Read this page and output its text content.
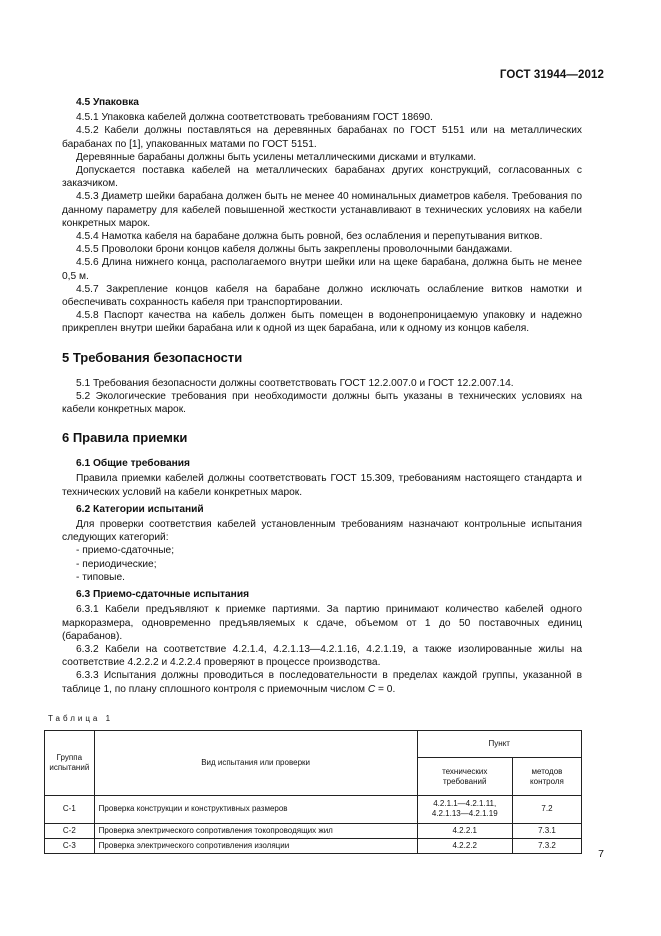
ГОСТ 31944—2012

4.5 Упаковка

4.5.1 Упаковка кабелей должна соответствовать требованиям ГОСТ 18690.

4.5.2 Кабели должны поставляться на деревянных барабанах по ГОСТ 5151 или на металлических барабанах по [1], упакованных матами по ГОСТ 5151.

Деревянные барабаны должны быть усилены металлическими дисками и втулками.

Допускается поставка кабелей на металлических барабанах других конструкций, согласованных с заказчиком.

4.5.3 Диаметр шейки барабана должен быть не менее 40 номинальных диаметров кабеля. Требования по данному параметру для кабелей повышенной жесткости устанавливают в технических условиях на кабели конкретных марок.

4.5.4 Намотка кабеля на барабане должна быть ровной, без ослабления и перепутывания витков.

4.5.5 Проволоки брони концов кабеля должны быть закреплены проволочными бандажами.

4.5.6 Длина нижнего конца, располагаемого внутри шейки или на щеке барабана, должна быть не менее 0,5 м.

4.5.7 Закрепление концов кабеля на барабане должно исключать ослабление витков намотки и обеспечивать сохранность кабеля при транспортировании.

4.5.8 Паспорт качества на кабель должен быть помещен в водонепроницаемую упаковку и надежно прикреплен внутри шейки барабана или к одной из щек барабана, или к одному из концов кабеля.

5 Требования безопасности

5.1 Требования безопасности должны соответствовать ГОСТ 12.2.007.0 и ГОСТ 12.2.007.14.

5.2 Экологические требования при необходимости должны быть указаны в технических условиях на кабели конкретных марок.

6 Правила приемки

6.1 Общие требования

Правила приемки кабелей должны соответствовать ГОСТ 15.309, требованиям настоящего стандарта и технических условий на кабели конкретных марок.

6.2 Категории испытаний

Для проверки соответствия кабелей установленным требованиям назначают контрольные испытания следующих категорий:

- приемо-сдаточные;

- периодические;

- типовые.

6.3 Приемо-сдаточные испытания

6.3.1 Кабели предъявляют к приемке партиями. За партию принимают количество кабелей одного маркоразмера, одновременно предъявляемых к сдаче, объемом от 1 до 50 поставочных единиц (барабанов).

6.3.2 Кабели на соответствие 4.2.1.4, 4.2.1.13—4.2.1.16, 4.2.1.19, а также изолированные жилы на соответствие 4.2.2.2 и 4.2.2.4 проверяют в процессе производства.

6.3.3 Испытания должны проводиться в последовательности в пределах каждой группы, указанной в таблице 1, по плану сплошного контроля с приемочным числом C = 0.

Таблица 1

Группа испытаний	Вид испытания или проверки	Пункт	
		технических требований	методов контроля
С-1	Проверка конструкции и конструктивных размеров	4.2.1.1—4.2.1.11, 4.2.1.13—4.2.1.19	7.2
С-2	Проверка электрического сопротивления токопроводящих жил	4.2.2.1	7.3.1
С-3	Проверка электрического сопротивления изоляции	4.2.2.2	7.3.2
7
